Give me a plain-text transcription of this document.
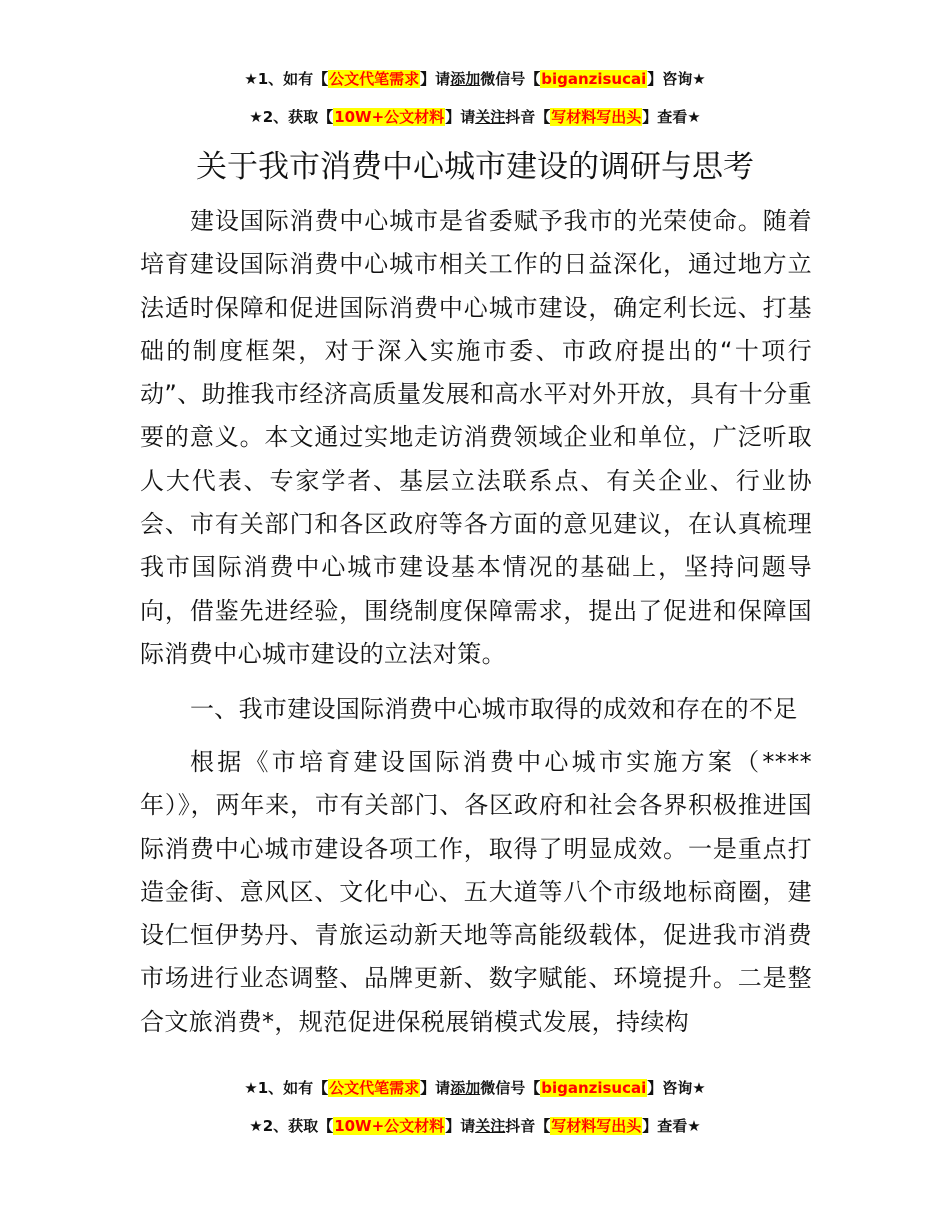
★1、如有【公文代笔需求】请添加微信号【biganzisucai】咨询★
★2、获取【10W+公文材料】请关注抖音【写材料写出头】查看★
关于我市消费中心城市建设的调研与思考

建设国际消费中心城市是省委赋予我市的光荣使命。随着培育建设国际消费中心城市相关工作的日益深化，通过地方立法适时保障和促进国际消费中心城市建设，确定利长远、打基础的制度框架，对于深入实施市委、市政府提出的“十项行动”、助推我市经济高质量发展和高水平对外开放，具有十分重要的意义。本文通过实地走访消费领域企业和单位，广泛听取人大代表、专家学者、基层立法联系点、有关企业、行业协会、市有关部门和各区政府等各方面的意见建议，在认真梳理我市国际消费中心城市建设基本情况的基础上，坚持问题导向，借鉴先进经验，围绕制度保障需求，提出了促进和保障国际消费中心城市建设的立法对策。

一、我市建设国际消费中心城市取得的成效和存在的不足

根据《市培育建设国际消费中心城市实施方案（****年）》，两年来，市有关部门、各区政府和社会各界积极推进国际消费中心城市建设各项工作，取得了明显成效。一是重点打造金街、意风区、文化中心、五大道等八个市级地标商圈，建设仁恒伊势丹、青旅运动新天地等高能级载体，促进我市消费市场进行业态调整、品牌更新、数字赋能、环境提升。二是整合文旅消费*，规范促进保税展销模式发展，持续构

★1、如有【公文代笔需求】请添加微信号【biganzisucai】咨询★
★2、获取【10W+公文材料】请关注抖音【写材料写出头】查看★
